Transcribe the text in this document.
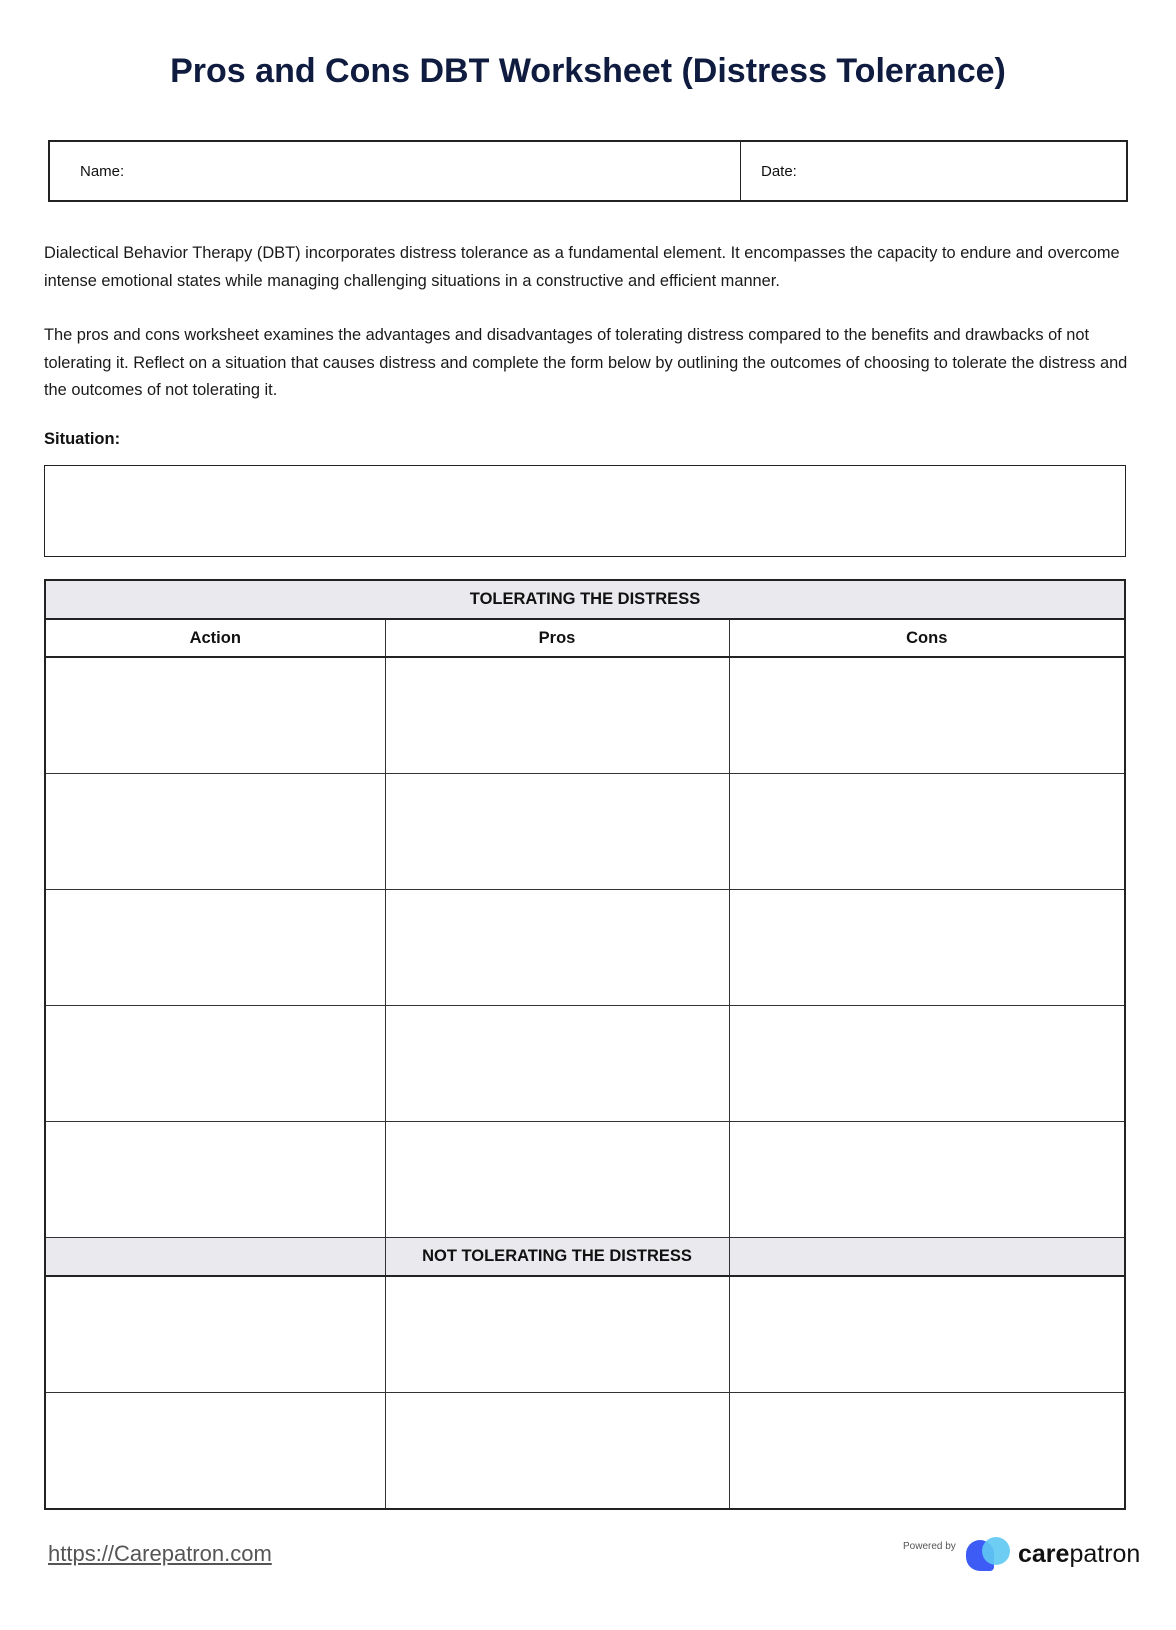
Pros and Cons DBT Worksheet (Distress Tolerance)
Name:	Date:
Dialectical Behavior Therapy (DBT) incorporates distress tolerance as a fundamental element. It encompasses the capacity to endure and overcome intense emotional states while managing challenging situations in a constructive and efficient manner.
The pros and cons worksheet examines the advantages and disadvantages of tolerating distress compared to the benefits and drawbacks of not tolerating it. Reflect on a situation that causes distress and complete the form below by outlining the outcomes of choosing to tolerate the distress and the outcomes of not tolerating it.
Situation:
TOLERATING THE DISTRESS		
Action	Pros	Cons

	NOT TOLERATING THE DISTRESS	

https://Carepatron.com	Powered by carepatron
